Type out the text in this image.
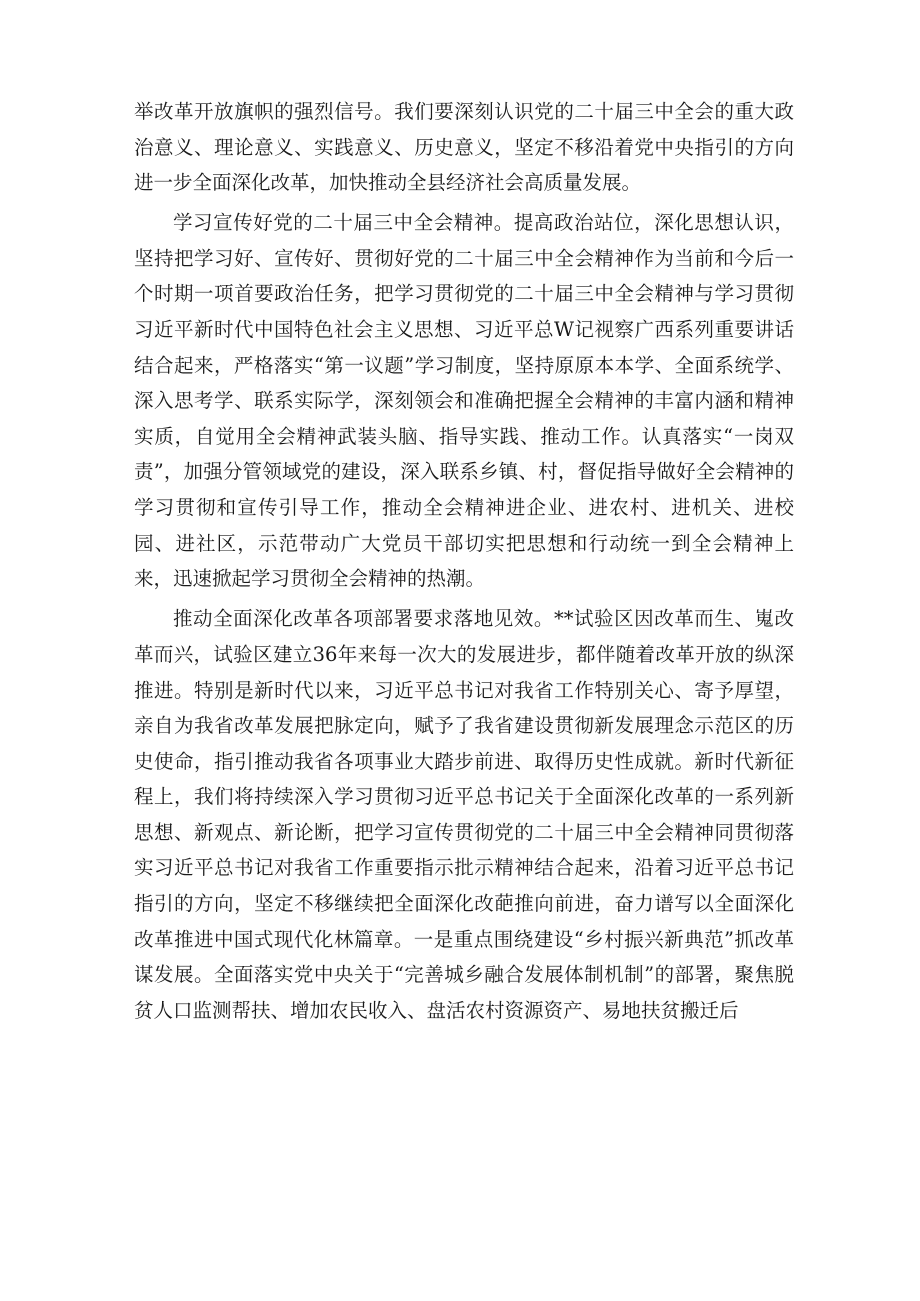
举改革开放旗帜的强烈信号。我们要深刻认识党的二十届三中全会的重大政治意义、理论意义、实践意义、历史意义，坚定不移沿着党中央指引的方向进一步全面深化改革，加快推动全县经济社会高质量发展。

学习宣传好党的二十届三中全会精神。提高政治站位，深化思想认识，坚持把学习好、宣传好、贯彻好党的二十届三中全会精神作为当前和今后一个时期一项首要政治任务，把学习贯彻党的二十届三中全会精神与学习贯彻习近平新时代中国特色社会主义思想、习近平总W记视察广西系列重要讲话结合起来，严格落实“第一议题”学习制度，坚持原原本本学、全面系统学、深入思考学、联系实际学，深刻领会和准确把握全会精神的丰富内涵和精神实质，自觉用全会精神武装头脑、指导实践、推动工作。认真落实“一岗双责”，加强分管领域党的建设，深入联系乡镇、村，督促指导做好全会精神的学习贯彻和宣传引导工作，推动全会精神进企业、进农村、进机关、进校园、进社区，示范带动广大党员干部切实把思想和行动统一到全会精神上来，迅速掀起学习贯彻全会精神的热潮。

推动全面深化改革各项部署要求落地见效。**试验区因改革而生、嵬改革而兴，试验区建立36年来每一次大的发展进步，都伴随着改革开放的纵深推进。特别是新时代以来，习近平总书记对我省工作特别关心、寄予厚望，亲自为我省改革发展把脉定向，赋予了我省建设贯彻新发展理念示范区的历史使命，指引推动我省各项事业大踏步前进、取得历史性成就。新时代新征程上，我们将持续深入学习贯彻习近平总书记关于全面深化改革的一系列新思想、新观点、新论断，把学习宣传贯彻党的二十届三中全会精神同贯彻落实习近平总书记对我省工作重要指示批示精神结合起来，沿着习近平总书记指引的方向，坚定不移继续把全面深化改葩推向前进，奋力谱写以全面深化改革推进中国式现代化林篇章。一是重点围绕建设“乡村振兴新典范”抓改革谋发展。全面落实党中央关于“完善城乡融合发展体制机制”的部署，聚焦脱贫人口监测帮扶、增加农民收入、盘活农村资源资产、易地扶贫搬迁后
